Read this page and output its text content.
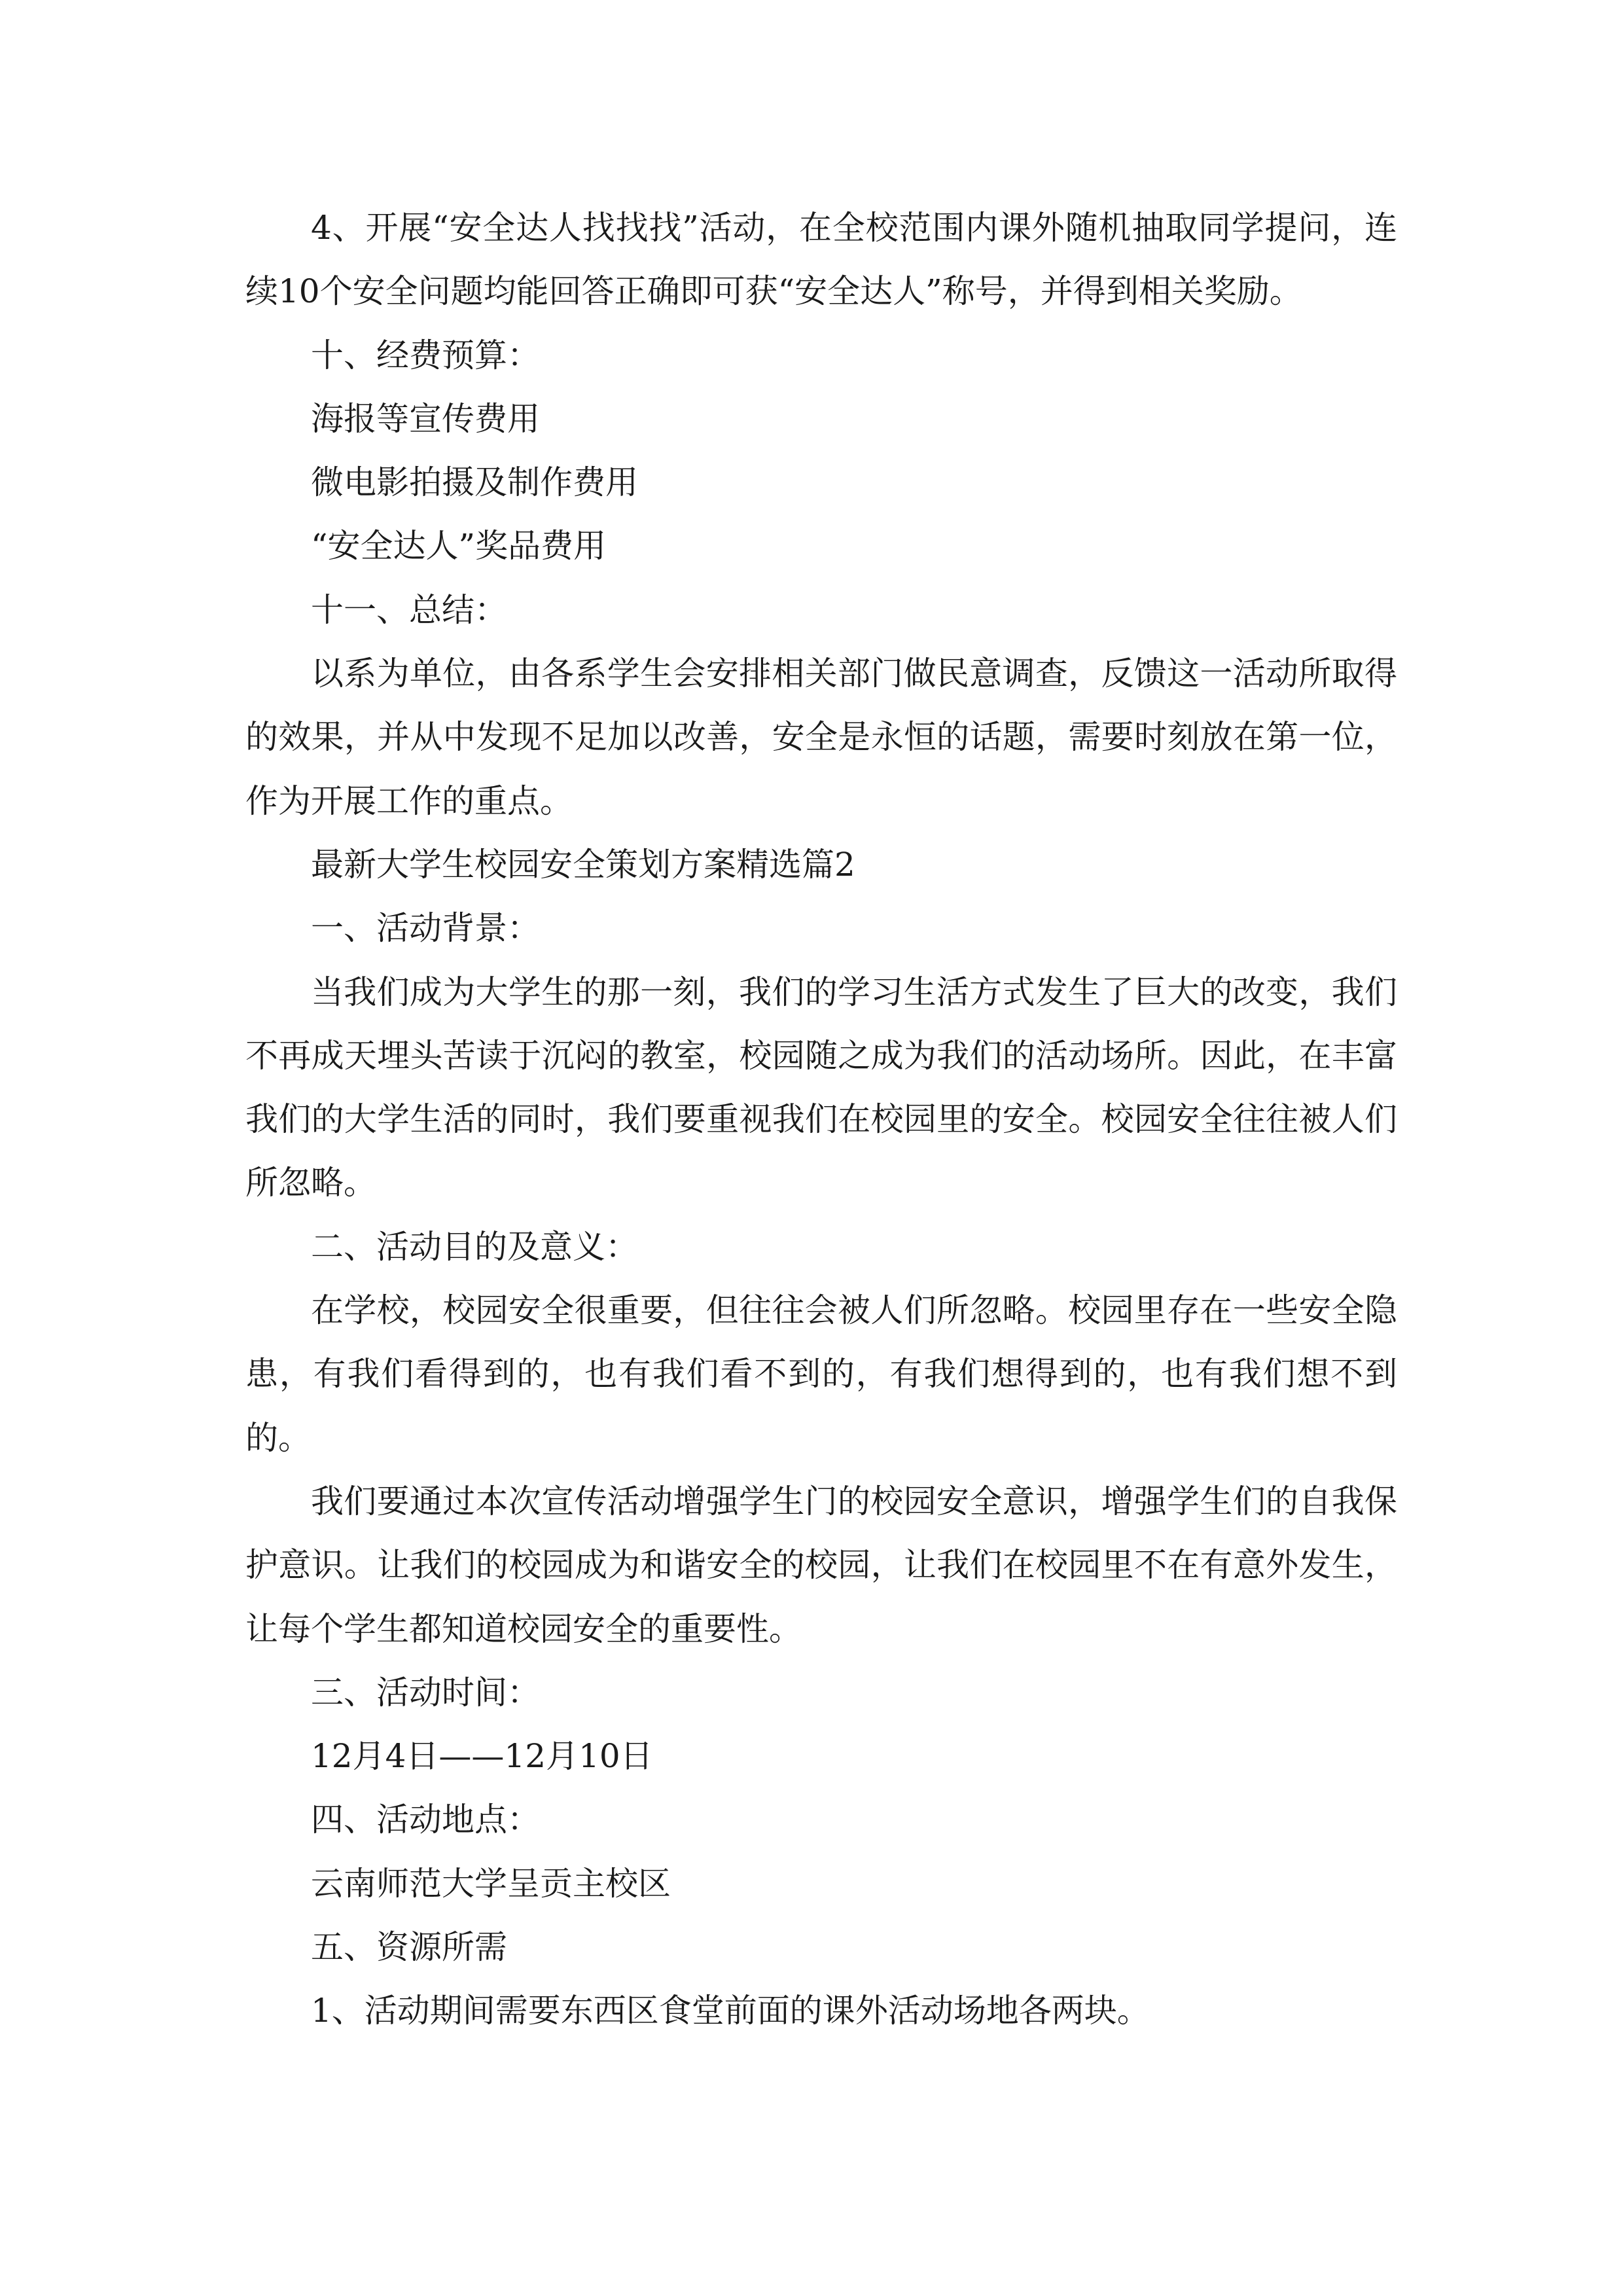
4、开展“安全达人找找找”活动，在全校范围内课外随机抽取同学提问，连续10个安全问题均能回答正确即可获“安全达人”称号，并得到相关奖励。

十、经费预算：

海报等宣传费用

微电影拍摄及制作费用

“安全达人”奖品费用

十一、总结：

以系为单位，由各系学生会安排相关部门做民意调查，反馈这一活动所取得的效果，并从中发现不足加以改善，安全是永恒的话题，需要时刻放在第一位，作为开展工作的重点。

最新大学生校园安全策划方案精选篇2

一、活动背景：

当我们成为大学生的那一刻，我们的学习生活方式发生了巨大的改变，我们不再成天埋头苦读于沉闷的教室，校园随之成为我们的活动场所。因此，在丰富我们的大学生活的同时，我们要重视我们在校园里的安全。校园安全往往被人们所忽略。

二、活动目的及意义：

在学校，校园安全很重要，但往往会被人们所忽略。校园里存在一些安全隐患，有我们看得到的，也有我们看不到的，有我们想得到的，也有我们想不到的。

我们要通过本次宣传活动增强学生门的校园安全意识，增强学生们的自我保护意识。让我们的校园成为和谐安全的校园，让我们在校园里不在有意外发生，让每个学生都知道校园安全的重要性。

三、活动时间：

12月4日——12月10日

四、活动地点：

云南师范大学呈贡主校区

五、资源所需

1、活动期间需要东西区食堂前面的课外活动场地各两块。
